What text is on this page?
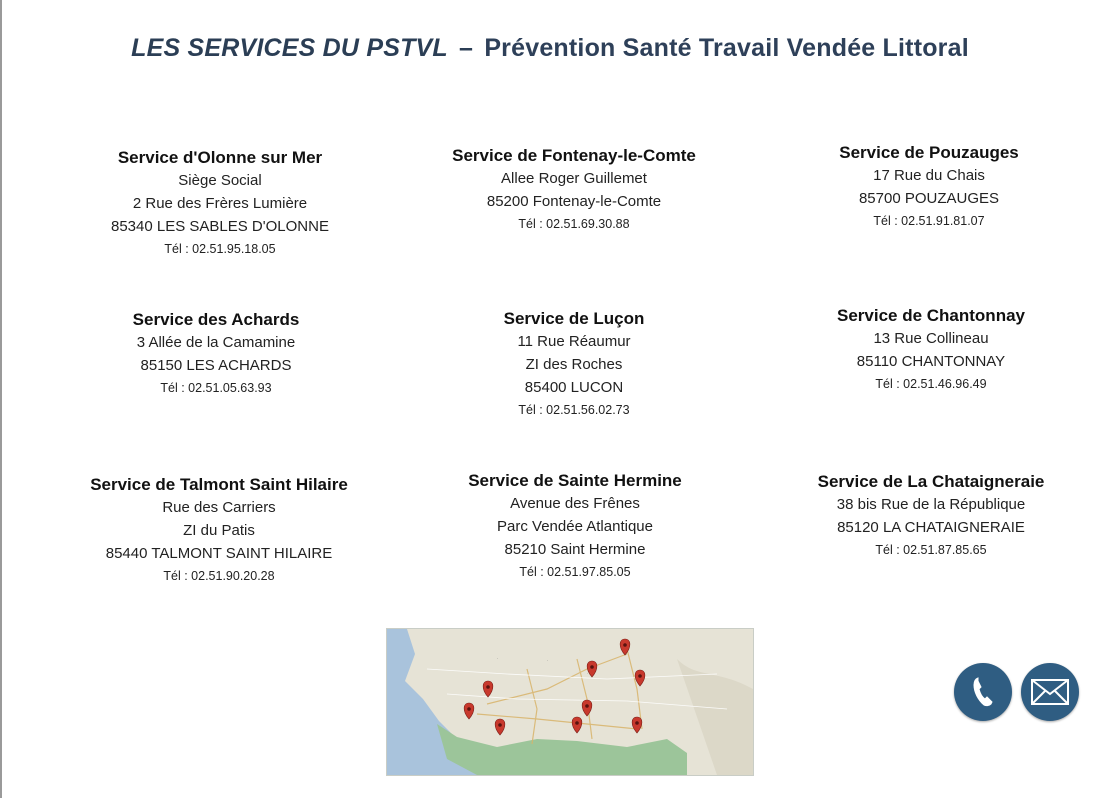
LES SERVICES DU PSTVL – Prévention Santé Travail Vendée Littoral
Service d'Olonne sur Mer
Siège Social
2 Rue des Frères Lumière
85340 LES SABLES D'OLONNE
Tél : 02.51.95.18.05
Service de Fontenay-le-Comte
Allee Roger Guillemet
85200 Fontenay-le-Comte
Tél : 02.51.69.30.88
Service de Pouzauges
17 Rue du Chais
85700 POUZAUGES
Tél : 02.51.91.81.07
Service des Achards
3 Allée de la Camamine
85150 LES ACHARDS
Tél : 02.51.05.63.93
Service de Luçon
11 Rue Réaumur
ZI des Roches
85400 LUCON
Tél : 02.51.56.02.73
Service de Chantonnay
13 Rue Collineau
85110 CHANTONNAY
Tél : 02.51.46.96.49
Service de Talmont Saint Hilaire
Rue des Carriers
ZI du Patis
85440 TALMONT SAINT HILAIRE
Tél : 02.51.90.20.28
Service de Sainte Hermine
Avenue des Frênes
Parc Vendée Atlantique
85210 Saint Hermine
Tél : 02.51.97.85.05
Service de La Chataigneraie
38 bis Rue de la République
85120 LA CHATAIGNERAIE
Tél : 02.51.87.85.65
.	.
.
